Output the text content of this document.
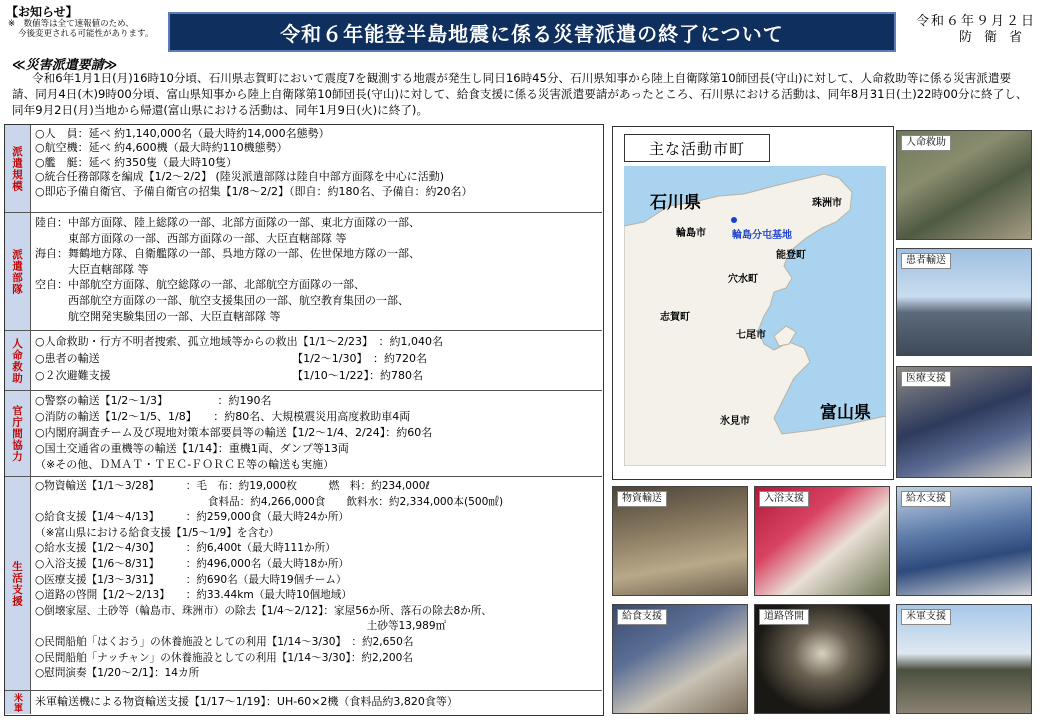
【お知らせ】
※　数値等は全て速報値のため、
今後変更される可能性があります。	令和６年能登半島地震に係る災害派遣の終了について	令和６年９月２日
防衛省
≪災害派遣要請≫
令和6年1月1日(月)16時10分頃、石川県志賀町において震度7を観測する地震が発生し同日16時45分、石川県知事から陸上自衛隊第10師団長(守山)に対して、人命救助等に係る災害派遣要請、同月4日(木)9時00分頃、富山県知事から陸上自衛隊第10師団長(守山)に対して、給食支援に係る災害派遣要請があったところ、石川県における活動は、同年8月31日(土)22時00分に終了し、同年9月2日(月)当地から帰還(富山県における活動は、同年1月9日(火)に終了)。
派遣規模
○人　員：延べ 約1,140,000名（最大時約14,000名態勢）
○航空機：延べ 約4,600機（最大時約110機態勢）
○艦　艇：延べ 約350隻（最大時10隻）
○統合任務部隊を編成【1/2～2/2】 (陸災派遣部隊は陸自中部方面隊を中心に活動)
○即応予備自衛官、予備自衛官の招集【1/8～2/2】（即自：約180名、予備自：約20名）
派遣部隊
陸自：中部方面隊、陸上総隊の一部、北部方面隊の一部、東北方面隊の一部、
　　　東部方面隊の一部、西部方面隊の一部、大臣直轄部隊 等
海自：舞鶴地方隊、自衛艦隊の一部、呉地方隊の一部、佐世保地方隊の一部、
　　　大臣直轄部隊 等
空自：中部航空方面隊、航空総隊の一部、北部航空方面隊の一部、
　　　西部航空方面隊の一部、航空支援集団の一部、航空教育集団の一部、
　　　航空開発実験集団の一部、大臣直轄部隊 等
人命救助 ○人命救助・行方不明者捜索、孤立地域等からの救出【1/1～2/23】　：約1,040名
○患者の輸送　　　　　　　　　　　　　　　　　　【1/2～1/30】　：約720名
○２次避難支援　　　　　　　　　　　　　　　　　【1/10～1/22】：約780名
官庁間協力
○警察の輸送【1/2～1/3】　　　　　：約190名
○消防の輸送【1/2～1/5、1/8】　　：約80名、大規模震災用高度救助車4両
○内閣府調査チーム及び現地対策本部要員等の輸送【1/2～1/4、2/24】：約60名
○国土交通省の重機等の輸送【1/14】：重機1両、ダンプ等13両
（※その他、ＤＭＡＴ・ＴＥＣ-ＦＯＲＣＥ等の輸送も実施）
生活支援
○物資輸送【1/1～3/28】　　　：毛　布：約19,000枚　　　燃　料：約234,000ℓ
　　　　　　　　　　　　　　　　 食料品：約4,266,000食　　飲料水：約2,334,000本(500㎖)
○給食支援【1/4～4/13】　　　：約259,000食（最大時24か所）
（※富山県における給食支援【1/5～1/9】を含む）
○給水支援【1/2～4/30】　　　：約6,400t（最大時111か所）
○入浴支援【1/6～8/31】　　　：約496,000名（最大時18か所）
○医療支援【1/3～3/31】　　　：約690名（最大時19個チーム）
○道路の啓開【1/2～2/13】　　：約33.44km（最大時10個地域）
○倒壊家屋、土砂等（輪島市、珠洲市）の除去【1/4～2/12】：家屋56か所、落石の除去8か所、
　　　　　　　　　　　　　　　　　　　　　　　　　　　　　　　 土砂等13,989㎡
○民間船舶「はくおう」の休養施設としての利用【1/14～3/30】　：約2,650名
○民間船舶「ナッチャン」の休養施設としての利用【1/14～3/30】：約2,200名
○慰問演奏【1/20～2/1】：14カ所
米軍 米軍輸送機による物資輸送支援【1/17～1/19】：UH-60×2機（食料品約3,820食等）
主な活動市町
石川県
富山県
珠洲市
輪島市	輪島分屯基地
能登町
穴水町
志賀町
七尾市
氷見市
人命救助
患者輸送
医療支援
物資輸送	入浴支援	給水支援
給食支援	道路啓開	米軍支援
